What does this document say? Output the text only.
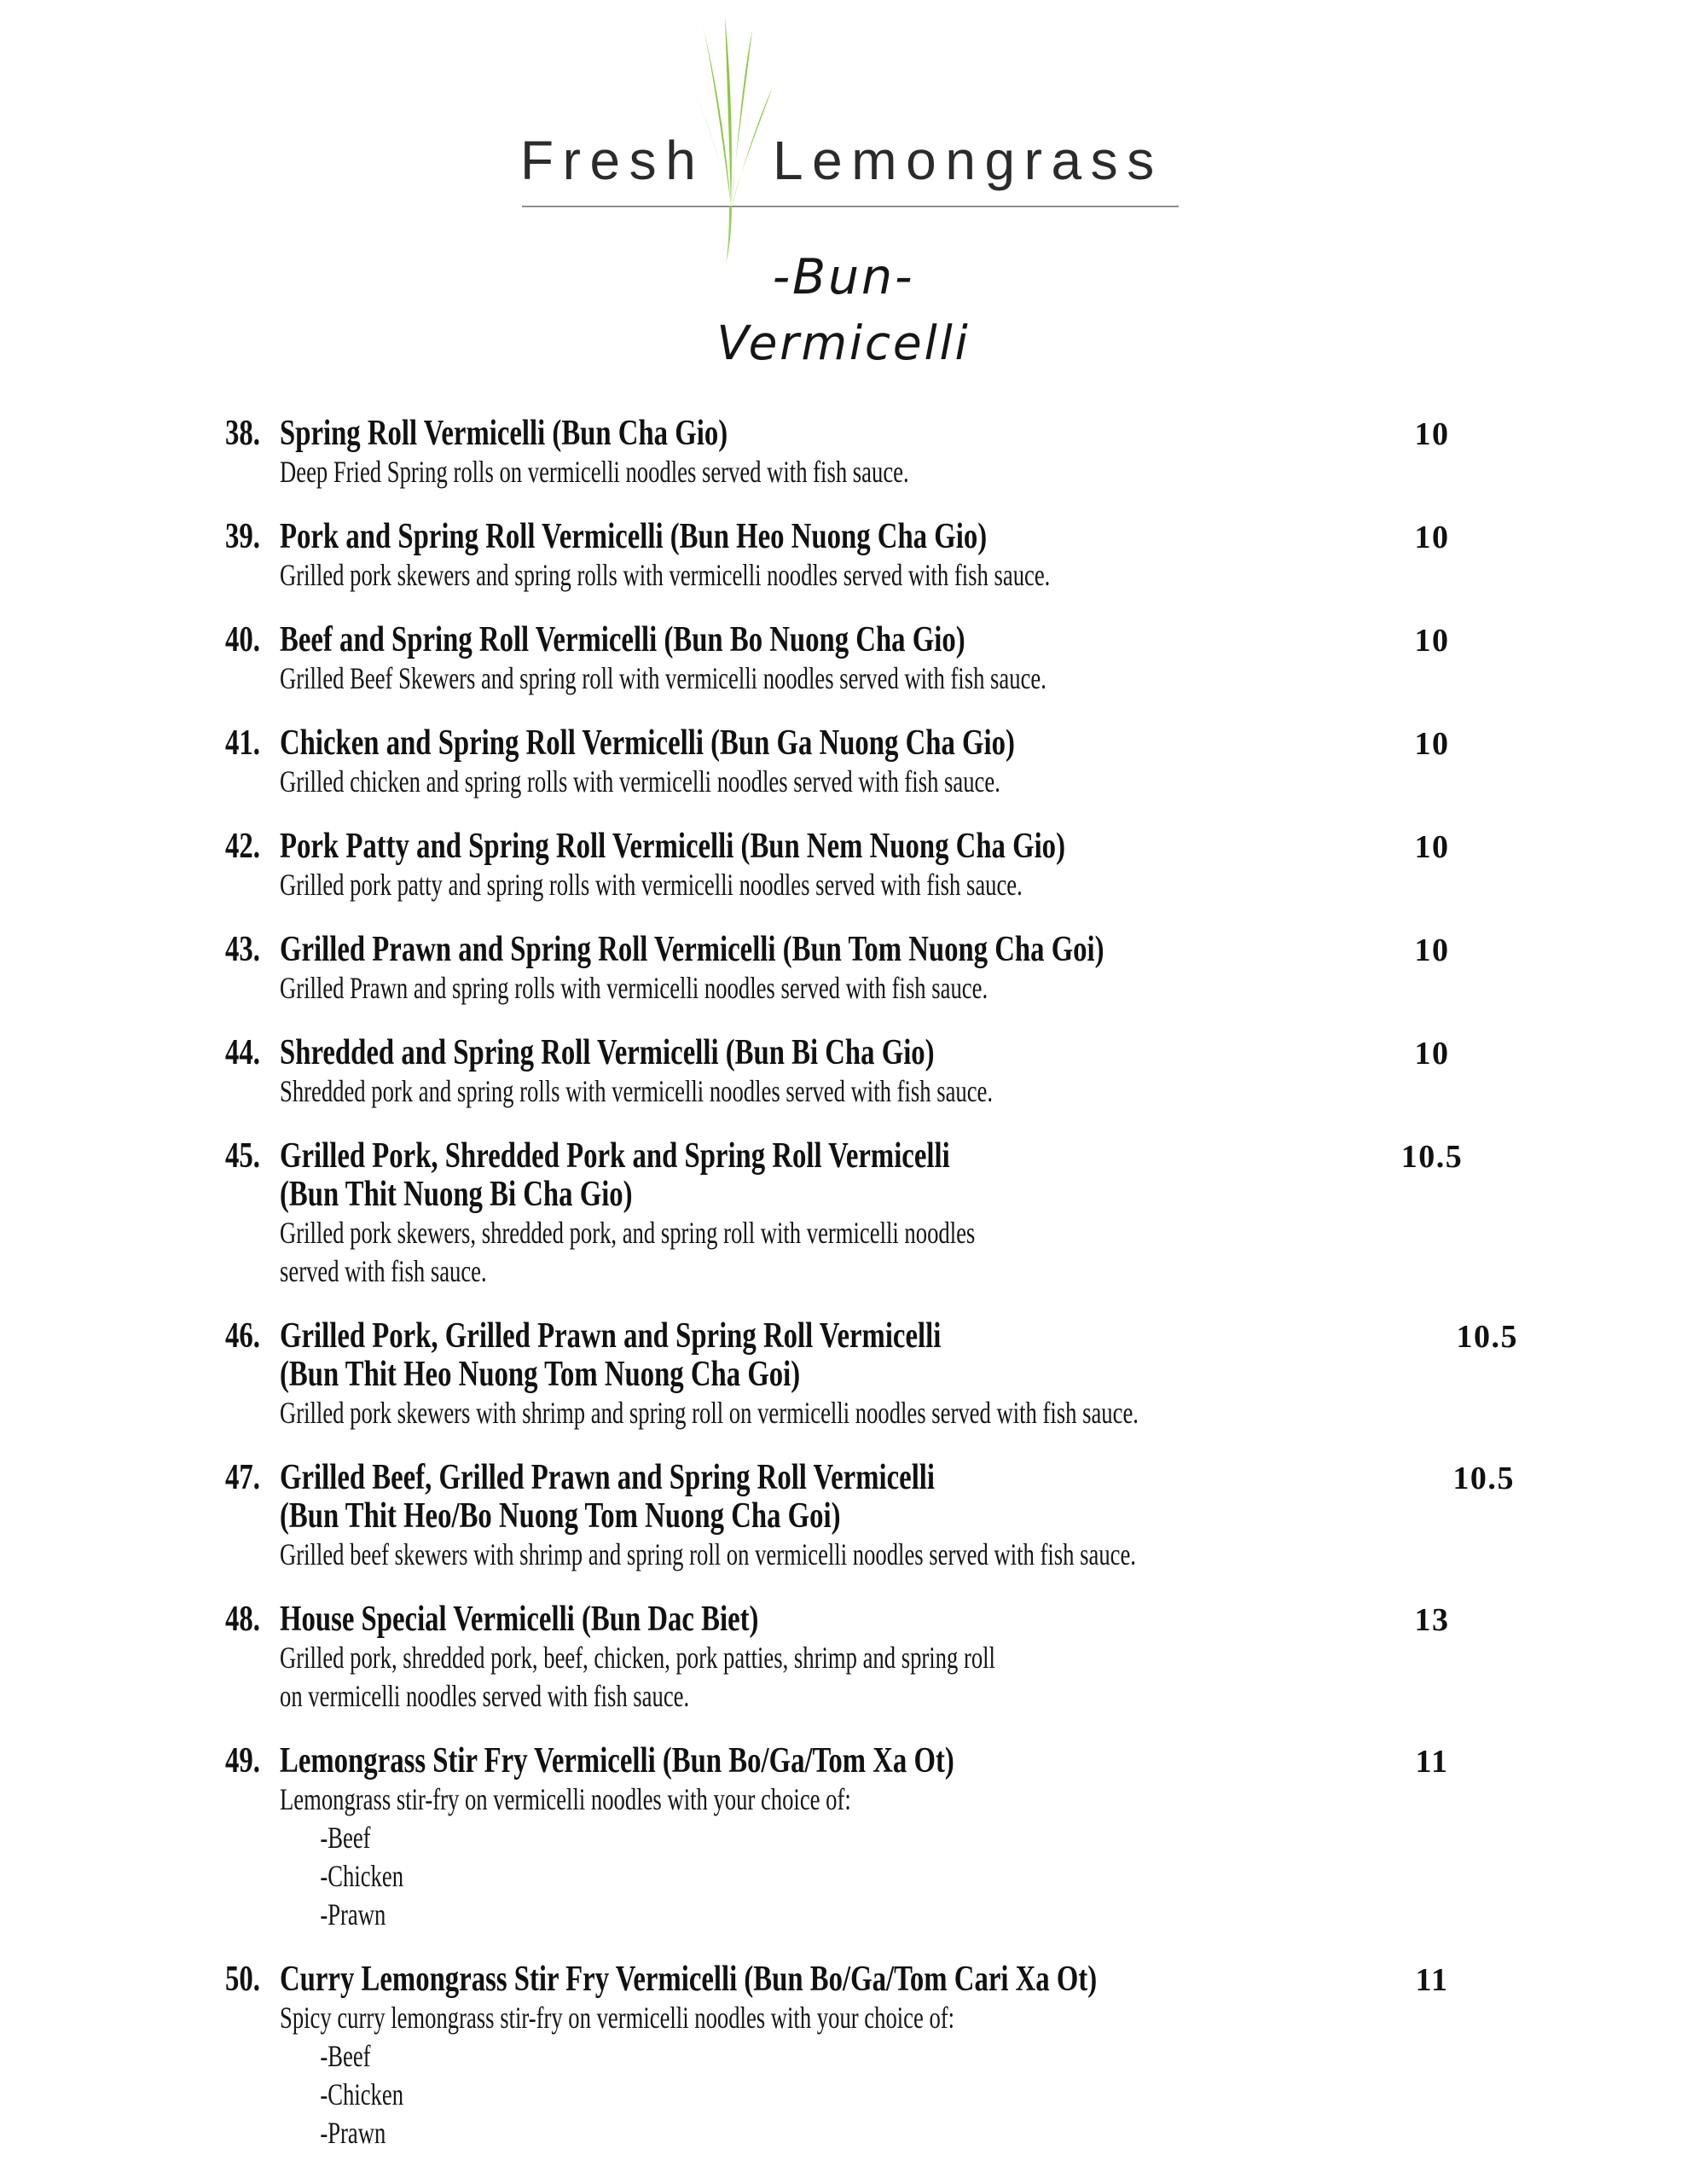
Fresh Lemongrass
-Bun-
Vermicelli
38. Spring Roll Vermicelli (Bun Cha Gio)
Deep Fried Spring rolls on vermicelli noodles served with fish sauce.
10
39. Pork and Spring Roll Vermicelli (Bun Heo Nuong Cha Gio)
Grilled pork skewers and spring rolls with vermicelli noodles served with fish sauce.
10
40. Beef and Spring Roll Vermicelli (Bun Bo Nuong Cha Gio)
Grilled Beef Skewers and spring roll with vermicelli noodles served with fish sauce.
10
41. Chicken and Spring Roll Vermicelli (Bun Ga Nuong Cha Gio)
Grilled chicken and spring rolls with vermicelli noodles served with fish sauce.
10
42. Pork Patty and Spring Roll Vermicelli (Bun Nem Nuong Cha Gio)
Grilled pork patty and spring rolls with vermicelli noodles served with fish sauce.
10
43. Grilled Prawn and Spring Roll Vermicelli (Bun Tom Nuong Cha Goi)
Grilled Prawn and spring rolls with vermicelli noodles served with fish sauce.
10
44. Shredded and Spring Roll Vermicelli (Bun Bi Cha Gio)
Shredded pork and spring rolls with vermicelli noodles served with fish sauce.
10
45. Grilled Pork, Shredded Pork and Spring Roll Vermicelli
(Bun Thit Nuong Bi Cha Gio)
Grilled pork skewers, shredded pork, and spring roll with vermicelli noodles
served with fish sauce.
10.5
46. Grilled Pork, Grilled Prawn and Spring Roll Vermicelli
(Bun Thit Heo Nuong Tom Nuong Cha Goi)
Grilled pork skewers with shrimp and spring roll on vermicelli noodles served with fish sauce.
10.5
47. Grilled Beef, Grilled Prawn and Spring Roll Vermicelli
(Bun Thit Heo/Bo Nuong Tom Nuong Cha Goi)
Grilled beef skewers with shrimp and spring roll on vermicelli noodles served with fish sauce.
10.5
48. House Special Vermicelli (Bun Dac Biet)
Grilled pork, shredded pork, beef, chicken, pork patties, shrimp and spring roll
on vermicelli noodles served with fish sauce.
13
49. Lemongrass Stir Fry Vermicelli (Bun Bo/Ga/Tom Xa Ot)
Lemongrass stir-fry on vermicelli noodles with your choice of:
-Beef
-Chicken
-Prawn
11
50. Curry Lemongrass Stir Fry Vermicelli (Bun Bo/Ga/Tom Cari Xa Ot)
Spicy curry lemongrass stir-fry on vermicelli noodles with your choice of:
-Beef
-Chicken
-Prawn
11
